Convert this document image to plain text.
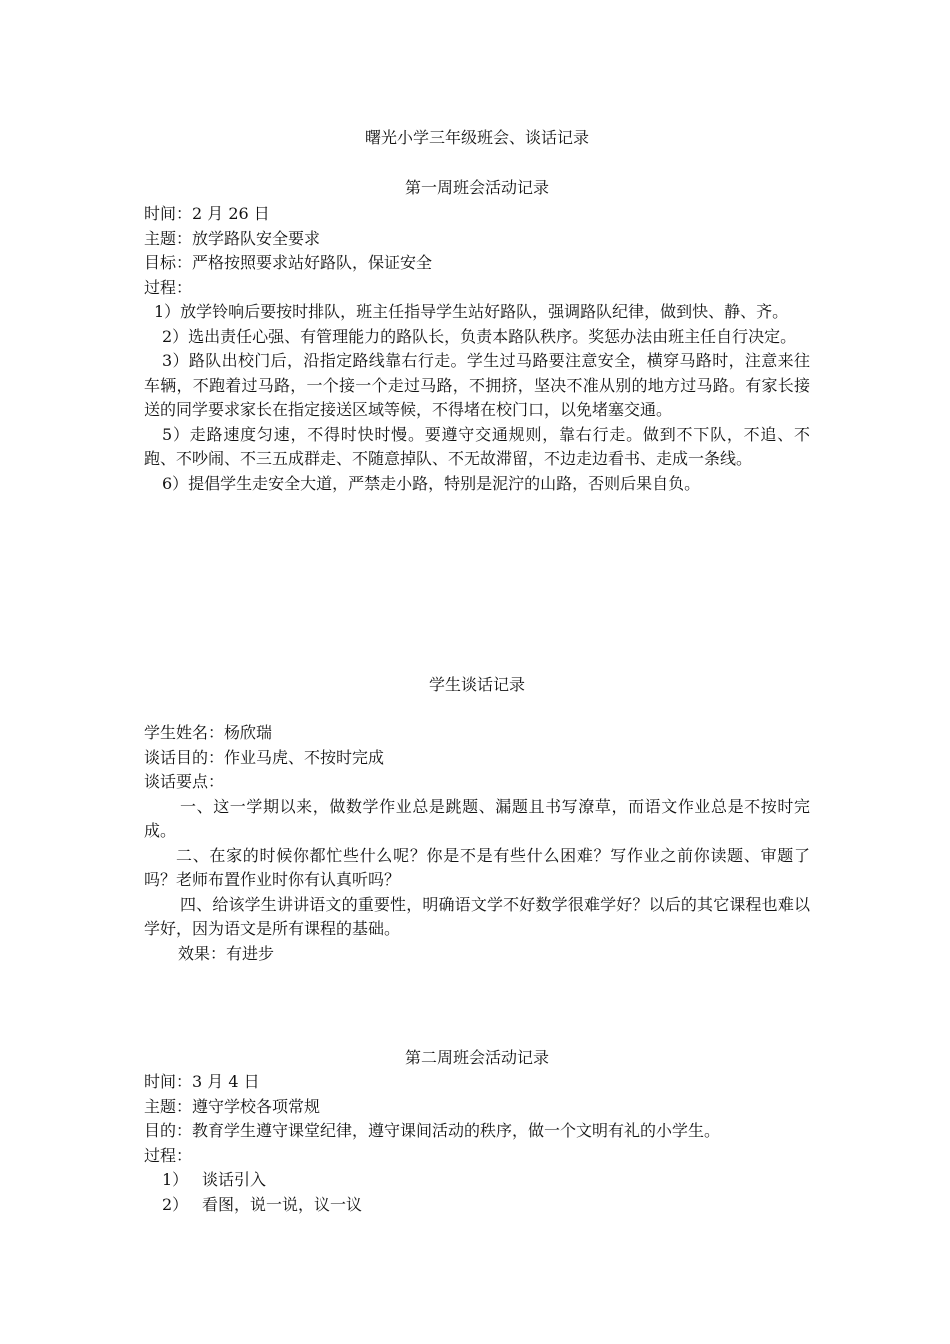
曙光小学三年级班会、谈话记录
第一周班会活动记录
时间：2 月 26 日
主题：放学路队安全要求
目标：严格按照要求站好路队，保证安全
过程：
1）放学铃响后要按时排队，班主任指导学生站好路队，强调路队纪律，做到快、静、齐。
2）选出责任心强、有管理能力的路队长，负责本路队秩序。奖惩办法由班主任自行决定。
3）路队出校门后，沿指定路线靠右行走。学生过马路要注意安全，横穿马路时，注意来往车辆，不跑着过马路，一个接一个走过马路，不拥挤，坚决不准从别的地方过马路。有家长接送的同学要求家长在指定接送区域等候，不得堵在校门口，以免堵塞交通。
5）走路速度匀速，不得时快时慢。要遵守交通规则，靠右行走。做到不下队，不追、不跑、不吵闹、不三五成群走、不随意掉队、不无故滞留，不边走边看书、走成一条线。
6）提倡学生走安全大道，严禁走小路，特别是泥泞的山路，否则后果自负。
学生谈话记录
学生姓名：杨欣瑞
谈话目的：作业马虎、不按时完成
谈话要点：
一、这一学期以来，做数学作业总是跳题、漏题且书写潦草，而语文作业总是不按时完成。
二、在家的时候你都忙些什么呢？你是不是有些什么困难？写作业之前你读题、审题了吗？老师布置作业时你有认真听吗？
四、给该学生讲讲语文的重要性，明确语文学不好数学很难学好？以后的其它课程也难以学好，因为语文是所有课程的基础。
效果：有进步
第二周班会活动记录
时间：3 月 4 日
主题：遵守学校各项常规
目的：教育学生遵守课堂纪律，遵守课间活动的秩序，做一个文明有礼的小学生。
过程：
1） 谈话引入
2） 看图，说一说，议一议
